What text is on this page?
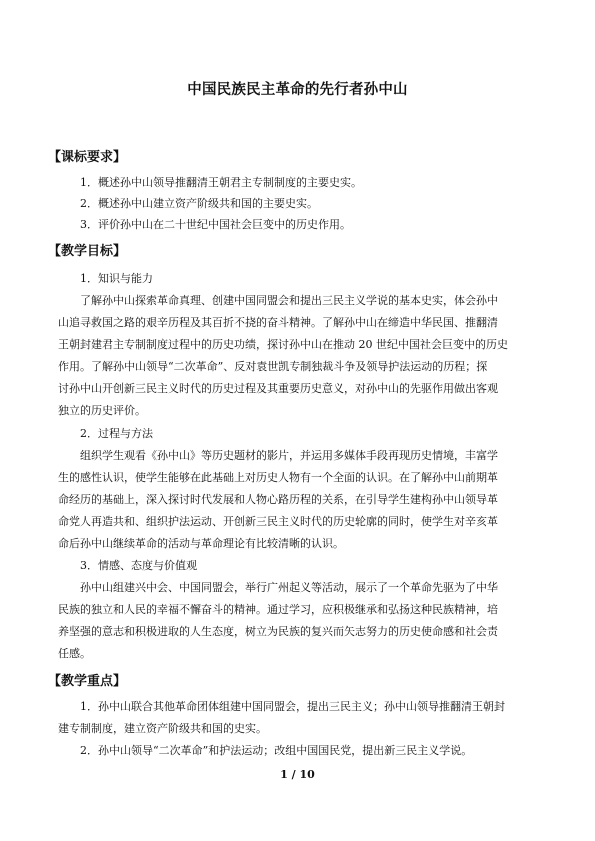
中国民族民主革命的先行者孙中山
【课标要求】
1．概述孙中山领导推翻清王朝君主专制制度的主要史实。
2．概述孙中山建立资产阶级共和国的主要史实。
3．评价孙中山在二十世纪中国社会巨变中的历史作用。
【教学目标】
1．知识与能力
了解孙中山探索革命真理、创建中国同盟会和提出三民主义学说的基本史实，体会孙中
山追寻救国之路的艰辛历程及其百折不挠的奋斗精神。了解孙中山在缔造中华民国、推翻清
王朝封建君主专制制度过程中的历史功绩，探讨孙中山在推动 20 世纪中国社会巨变中的历史
作用。了解孙中山领导“二次革命”、反对袁世凯专制独裁斗争及领导护法运动的历程；探
讨孙中山开创新三民主义时代的历史过程及其重要历史意义，对孙中山的先驱作用做出客观
独立的历史评价。
2．过程与方法
组织学生观看《孙中山》等历史题材的影片，并运用多媒体手段再现历史情境，丰富学
生的感性认识，使学生能够在此基础上对历史人物有一个全面的认识。在了解孙中山前期革
命经历的基础上，深入探讨时代发展和人物心路历程的关系，在引导学生建构孙中山领导革
命党人再造共和、组织护法运动、开创新三民主义时代的历史轮廓的同时，使学生对辛亥革
命后孙中山继续革命的活动与革命理论有比较清晰的认识。
3．情感、态度与价值观
孙中山组建兴中会、中国同盟会，举行广州起义等活动，展示了一个革命先驱为了中华
民族的独立和人民的幸福不懈奋斗的精神。通过学习，应积极继承和弘扬这种民族精神，培
养坚强的意志和积极进取的人生态度，树立为民族的复兴而矢志努力的历史使命感和社会责
任感。
【教学重点】
1．孙中山联合其他革命团体组建中国同盟会，提出三民主义；孙中山领导推翻清王朝封
建专制制度，建立资产阶级共和国的史实。
2．孙中山领导“二次革命”和护法运动；改组中国国民党，提出新三民主义学说。
1 / 10
